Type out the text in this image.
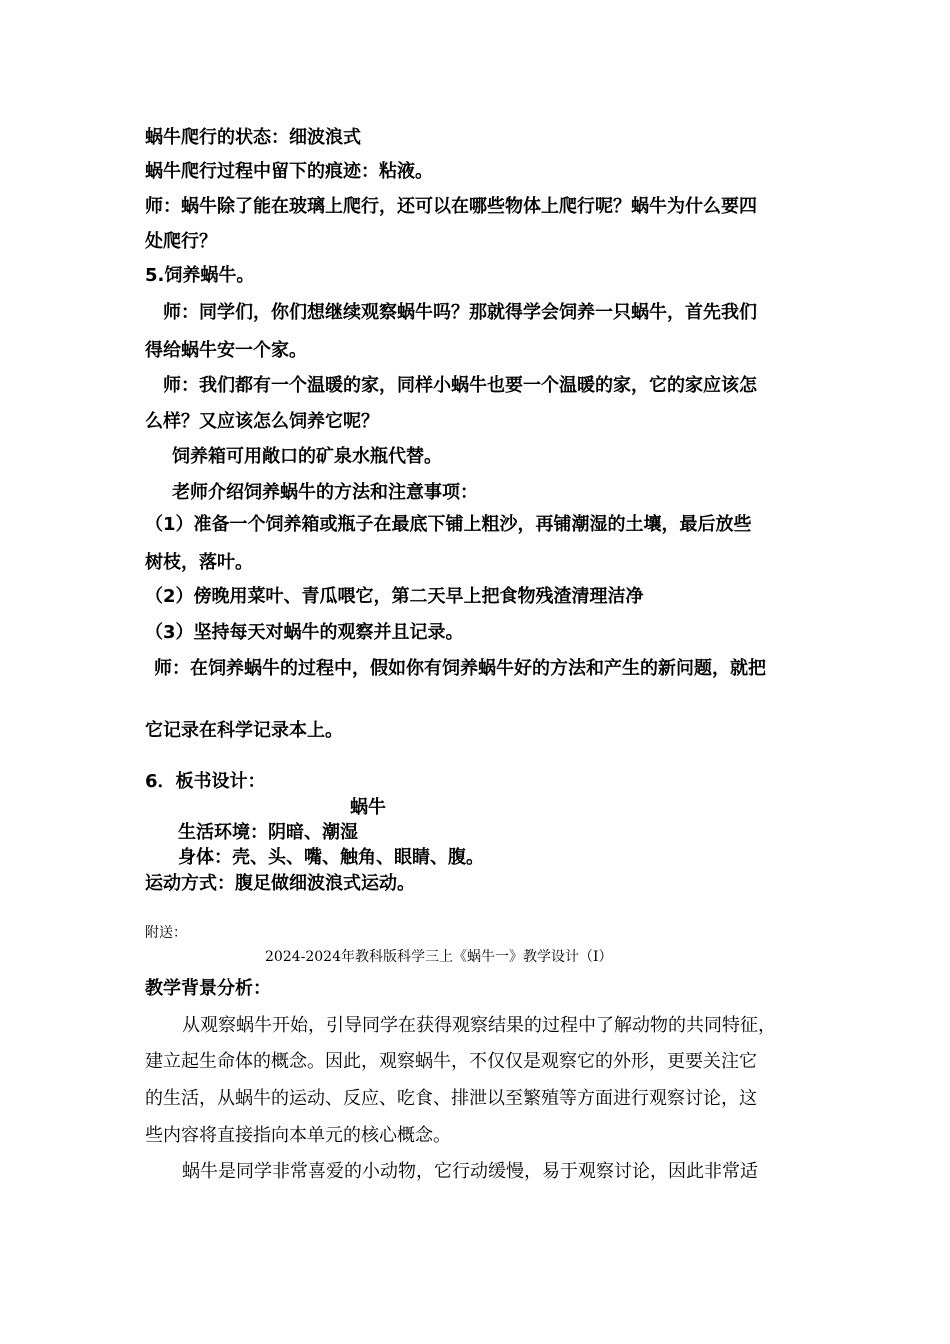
蜗牛爬行的状态：细波浪式

蜗牛爬行过程中留下的痕迹：粘液。

师：蜗牛除了能在玻璃上爬行，还可以在哪些物体上爬行呢？蜗牛为什么要四

处爬行？

5.饲养蜗牛。

师：同学们，你们想继续观察蜗牛吗？那就得学会饲养一只蜗牛，首先我们

得给蜗牛安一个家。

师：我们都有一个温暖的家，同样小蜗牛也要一个温暖的家，它的家应该怎

么样？又应该怎么饲养它呢？

饲养箱可用敞口的矿泉水瓶代替。

老师介绍饲养蜗牛的方法和注意事项：

（1）准备一个饲养箱或瓶子在最底下铺上粗沙，再铺潮湿的土壤，最后放些

树枝，落叶。

（2）傍晚用菜叶、青瓜喂它，第二天早上把食物残渣清理洁净

（3）坚持每天对蜗牛的观察并且记录。

师：在饲养蜗牛的过程中，假如你有饲养蜗牛好的方法和产生的新问题，就把

它记录在科学记录本上。

6．板书设计：

蜗牛

生活环境：阴暗、潮湿

身体：壳、头、嘴、触角、眼睛、腹。

运动方式：腹足做细波浪式运动。

附送：

2024-2024年教科版科学三上《蜗牛一》教学设计（I）

教学背景分析：

从观察蜗牛开始，引导同学在获得观察结果的过程中了解动物的共同特征，

建立起生命体的概念。因此，观察蜗牛，不仅仅是观察它的外形，更要关注它

的生活，从蜗牛的运动、反应、吃食、排泄以至繁殖等方面进行观察讨论，这

些内容将直接指向本单元的核心概念。

蜗牛是同学非常喜爱的小动物，它行动缓慢，易于观察讨论，因此非常适
